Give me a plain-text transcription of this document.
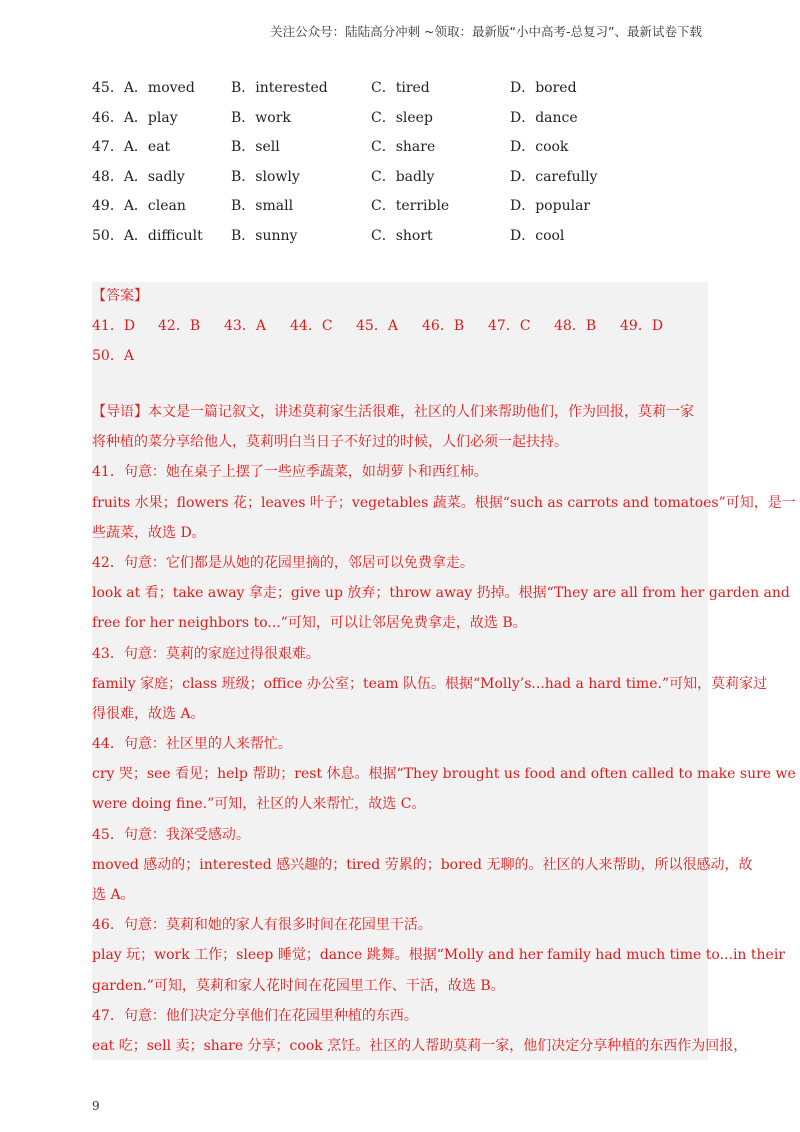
关注公众号：陆陆高分冲刺 ~领取：最新版“小中高考-总复习”、最新试卷下载
45．A．moved	B．interested	C．tired	D．bored
46．A．play	B．work	C．sleep	D．dance
47．A．eat	B．sell	C．share	D．cook
48．A．sadly	B．slowly	C．badly	D．carefully
49．A．clean	B．small	C．terrible	D．popular
50．A．difficult B．sunny	C．short	D．cool
【答案】
41．D 42．B 43．A 44．C 45．A 46．B 47．C 48．B 49．D
50．A

【导语】本文是一篇记叙文，讲述莫莉家生活很难，社区的人们来帮助他们，作为回报，莫莉一家

将种植的菜分享给他人，莫莉明白当日子不好过的时候，人们必须一起扶持。

41．句意：她在桌子上摆了一些应季蔬菜，如胡萝卜和西红柿。

fruits 水果；flowers 花；leaves 叶子；vegetables 蔬菜。根据“such as carrots and tomatoes”可知，是一

些蔬菜，故选 D。

42．句意：它们都是从她的花园里摘的，邻居可以免费拿走。

look at 看；take away 拿走；give up 放弃；throw away 扔掉。根据“They are all from her garden and

free for her neighbors to...”可知，可以让邻居免费拿走，故选 B。

43．句意：莫莉的家庭过得很艰难。

family 家庭；class 班级；office 办公室；team 队伍。根据“Molly’s...had a hard time.”可知，莫莉家过

得很难，故选 A。

44．句意：社区里的人来帮忙。

cry 哭；see 看见；help 帮助；rest 休息。根据“They brought us food and often called to make sure we

were doing fine.”可知，社区的人来帮忙，故选 C。

45．句意：我深受感动。

moved 感动的；interested 感兴趣的；tired 劳累的；bored 无聊的。社区的人来帮助，所以很感动，故

选 A。

46．句意：莫莉和她的家人有很多时间在花园里干活。

play 玩；work 工作；sleep 睡觉；dance 跳舞。根据“Molly and her family had much time to...in their

garden.”可知，莫莉和家人花时间在花园里工作、干活，故选 B。

47．句意：他们决定分享他们在花园里种植的东西。

eat 吃；sell 卖；share 分享；cook 烹饪。社区的人帮助莫莉一家，他们决定分享种植的东西作为回报，

9
